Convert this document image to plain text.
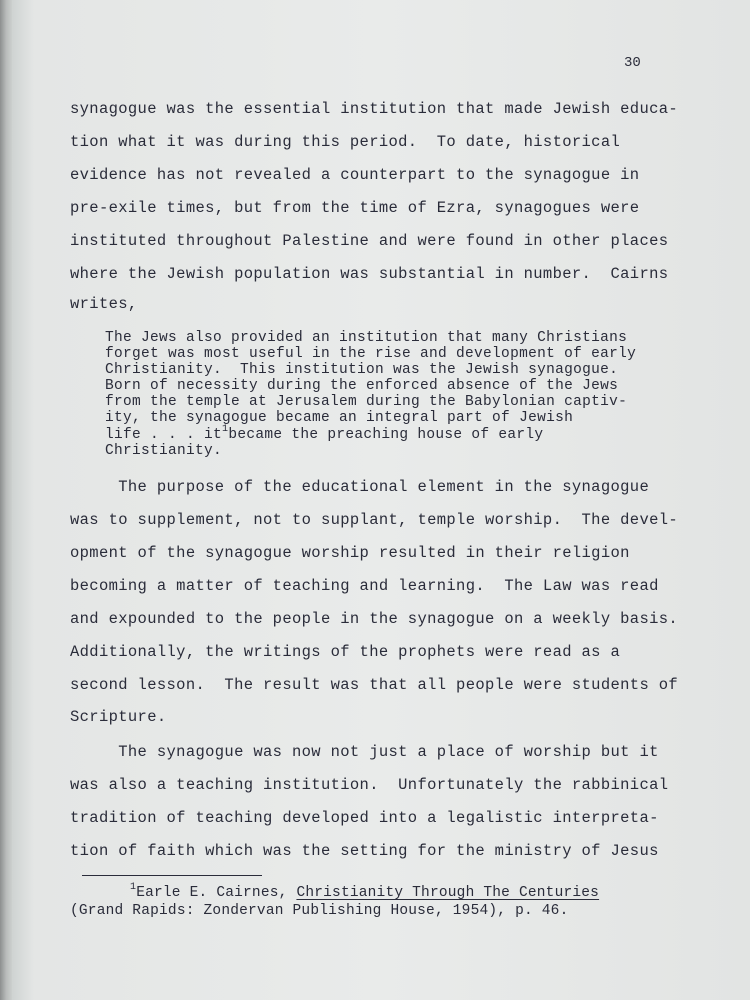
30
synagogue was the essential institution that made Jewish educa-
tion what it was during this period.  To date, historical
evidence has not revealed a counterpart to the synagogue in
pre-exile times, but from the time of Ezra, synagogues were
instituted throughout Palestine and were found in other places
where the Jewish population was substantial in number.  Cairns
writes,
The Jews also provided an institution that many Christians
forget was most useful in the rise and development of early
Christianity.  This institution was the Jewish synagogue.
Born of necessity during the enforced absence of the Jews
from the temple at Jerusalem during the Babylonian captiv-
ity, the synagogue became an integral part of Jewish
life . . . $it^1became$ the preaching house of early
Christianity.
The purpose of the educational element in the synagogue
was to supplement, not to supplant, temple worship.  The devel-
opment of the synagogue worship resulted in their religion
becoming a matter of teaching and learning.  The Law was read
and expounded to the people in the synagogue on a weekly basis.
Additionally, the writings of the prophets were read as a
second lesson.  The result was that all people were students of
Scripture.
The synagogue was now not just a place of worship but it
was also a teaching institution.  Unfortunately the rabbinical
tradition of teaching developed into a legalistic interpreta-
tion of faith which was the setting for the ministry of Jesus
$^1$Earle E. Cairnes, Christianity Through The Centuries
(Grand Rapids: Zondervan Publishing House, 1954), p. 46.
